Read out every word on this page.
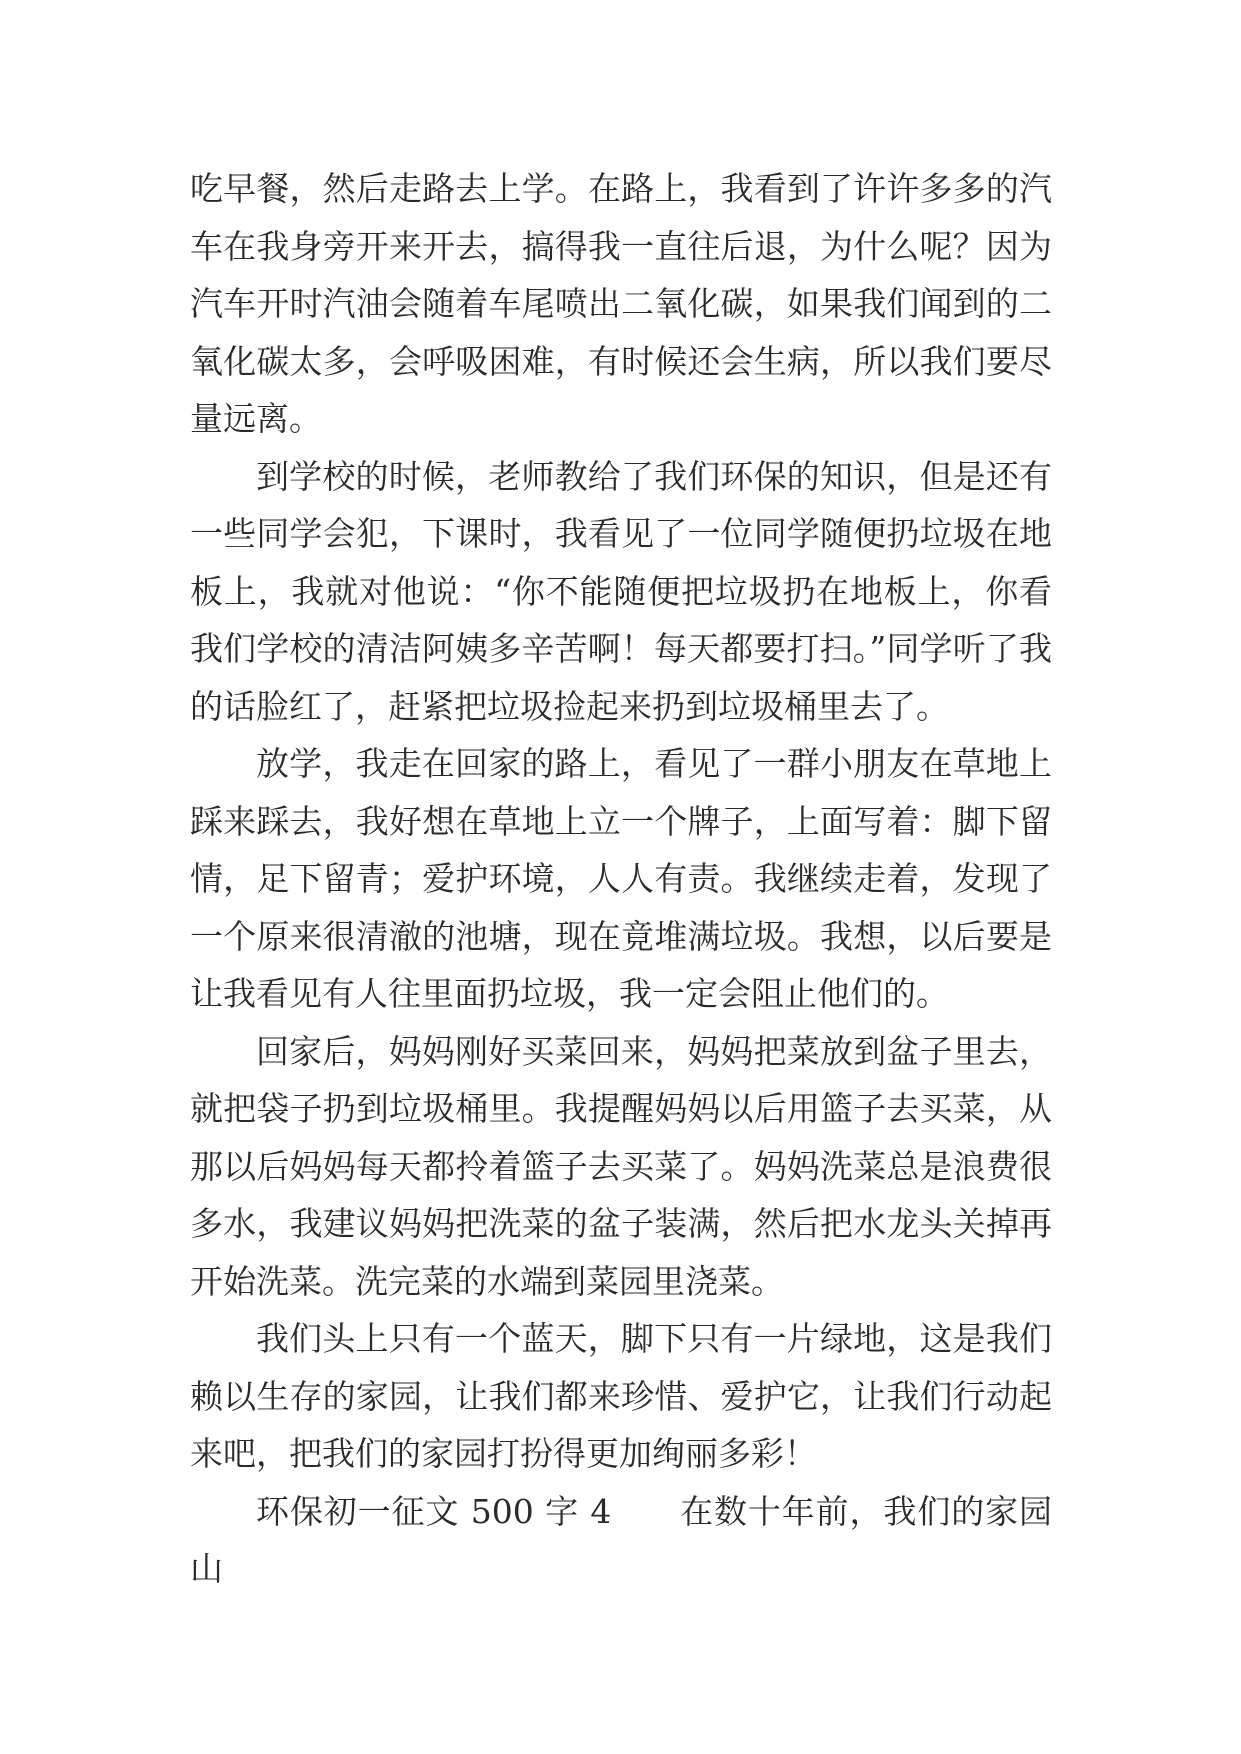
吃早餐，然后走路去上学。在路上，我看到了许许多多的汽车在我身旁开来开去，搞得我一直往后退，为什么呢？因为汽车开时汽油会随着车尾喷出二氧化碳，如果我们闻到的二氧化碳太多，会呼吸困难，有时候还会生病，所以我们要尽量远离。

到学校的时候，老师教给了我们环保的知识，但是还有一些同学会犯，下课时，我看见了一位同学随便扔垃圾在地板上，我就对他说：“你不能随便把垃圾扔在地板上，你看我们学校的清洁阿姨多辛苦啊！每天都要打扫。”同学听了我的话脸红了，赶紧把垃圾捡起来扔到垃圾桶里去了。

放学，我走在回家的路上，看见了一群小朋友在草地上踩来踩去，我好想在草地上立一个牌子，上面写着：脚下留情，足下留青；爱护环境，人人有责。我继续走着，发现了一个原来很清澈的池塘，现在竟堆满垃圾。我想，以后要是让我看见有人往里面扔垃圾，我一定会阻止他们的。

回家后，妈妈刚好买菜回来，妈妈把菜放到盆子里去，就把袋子扔到垃圾桶里。我提醒妈妈以后用篮子去买菜，从那以后妈妈每天都拎着篮子去买菜了。妈妈洗菜总是浪费很多水，我建议妈妈把洗菜的盆子装满，然后把水龙头关掉再开始洗菜。洗完菜的水端到菜园里浇菜。

我们头上只有一个蓝天，脚下只有一片绿地，这是我们赖以生存的家园，让我们都来珍惜、爱护它，让我们行动起来吧，把我们的家园打扮得更加绚丽多彩！

环保初一征文 500 字 4　　在数十年前，我们的家园山
